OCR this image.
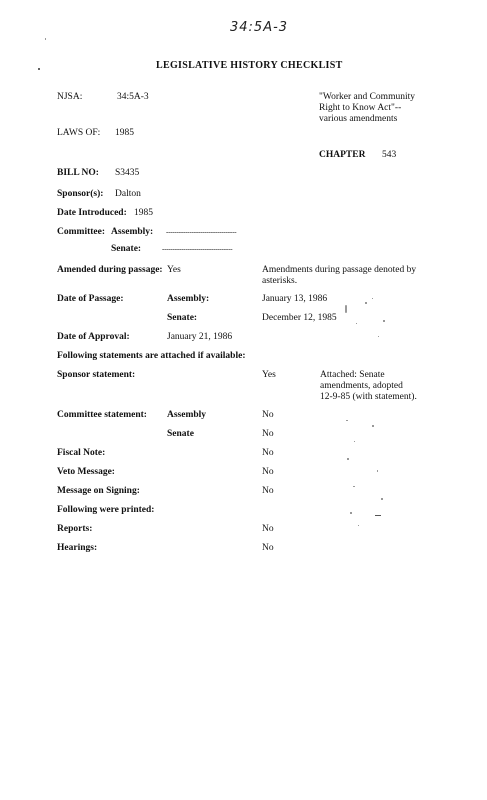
34:5A-3
LEGISLATIVE HISTORY CHECKLIST
NJSA:	34:5A-3	"Worker and Community
Right to Know Act"--
various amendments
LAWS OF: 1985
CHAPTER 543
BILL NO: S3435
Sponsor(s): Dalton
Date Introduced: 1985
Committee: Assembly: ---------------------------------
Senate:	---------------------------------
Amended during passage: Yes	Amendments during passage denoted by
asterisks.
Date of Passage:	Assembly:	January 13, 1986
Senate:	December 12, 1985
Date of Approval:	January 21, 1986
Following statements are attached if available:
Sponsor statement:	Yes	Attached: Senate
amendments, adopted
12-9-85 (with statement).
Committee statement: Assembly	No
Senate	No
Fiscal Note:	No
Veto Message:	No
Message on Signing:	No
Following were printed:
Reports:	No
Hearings:	No
